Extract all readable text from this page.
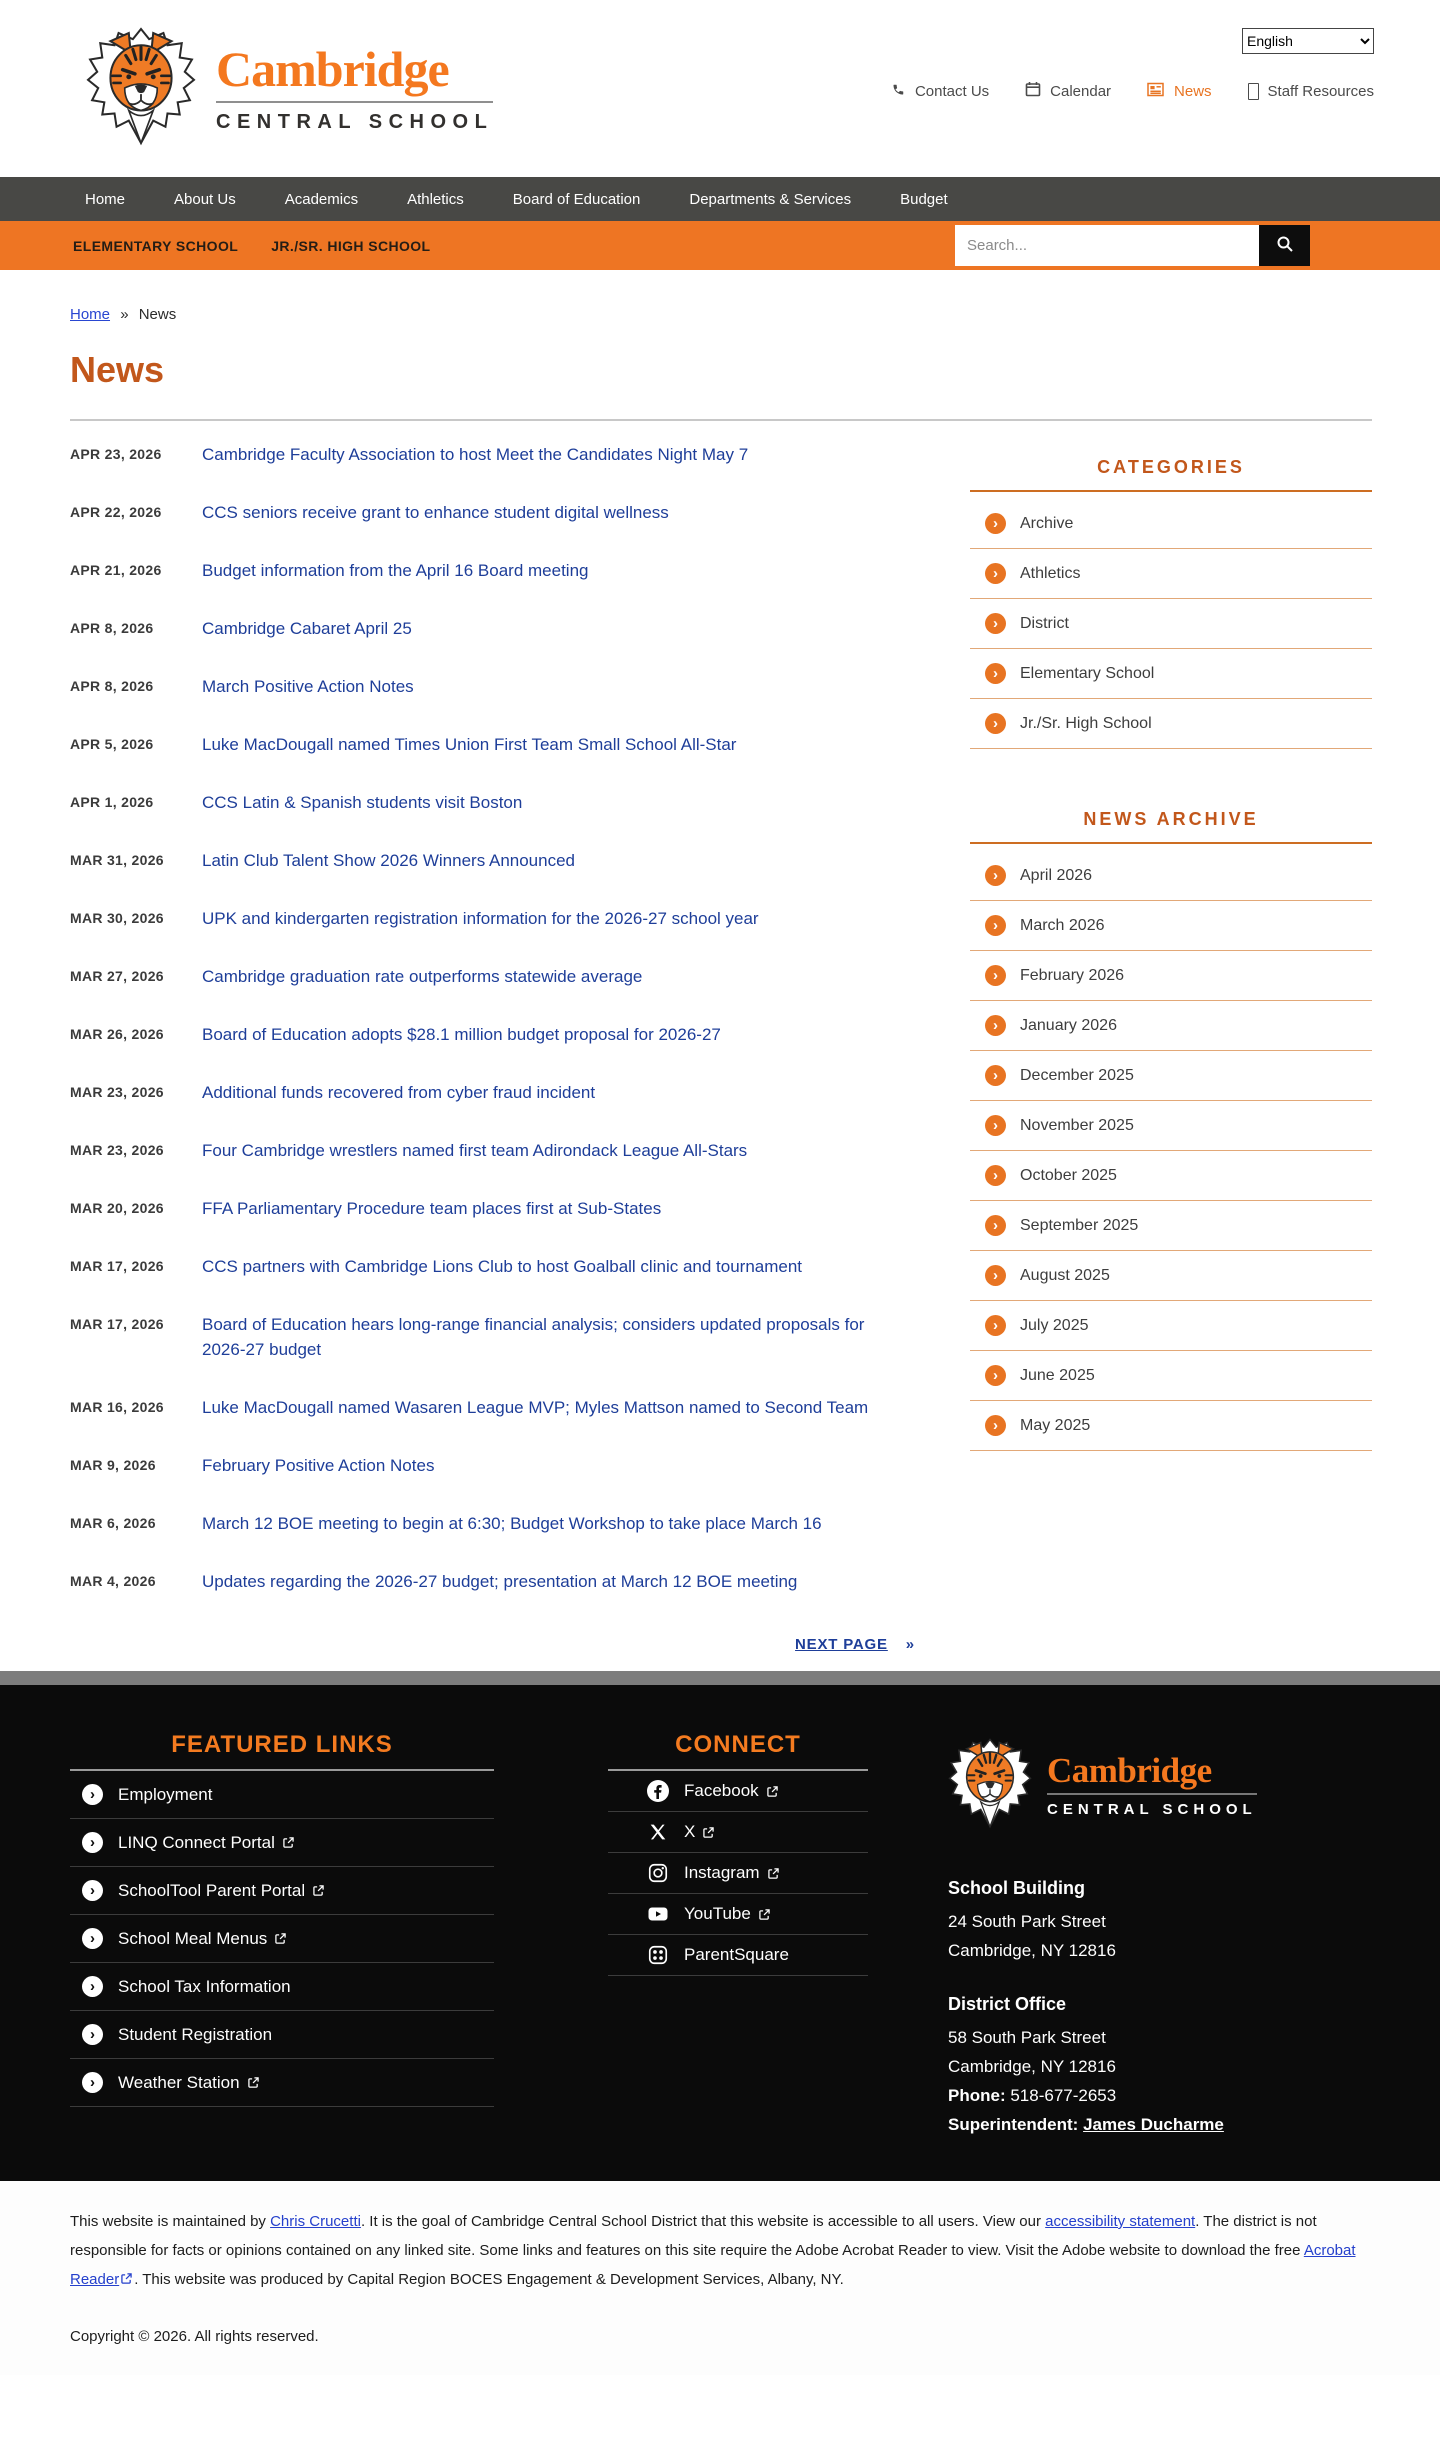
Cambridge
CENTRAL SCHOOL
English
Contact Us	Calendar	News	Staff Resources
Home	About Us	Academics	Athletics	Board of Education	Departments & Services	Budget
ELEMENTARY SCHOOL JR./SR. HIGH SCHOOL
Search...
Home » News
News
APR 23, 2026	Cambridge Faculty Association to host Meet the Candidates Night May 7
APR 22, 2026	CCS seniors receive grant to enhance student digital wellness
APR 21, 2026	Budget information from the April 16 Board meeting
APR 8, 2026	Cambridge Cabaret April 25
APR 8, 2026	March Positive Action Notes
APR 5, 2026	Luke MacDougall named Times Union First Team Small School All-Star
APR 1, 2026	CCS Latin & Spanish students visit Boston
MAR 31, 2026	Latin Club Talent Show 2026 Winners Announced
MAR 30, 2026	UPK and kindergarten registration information for the 2026-27 school year
MAR 27, 2026	Cambridge graduation rate outperforms statewide average
MAR 26, 2026	Board of Education adopts $28.1 million budget proposal for 2026-27
MAR 23, 2026	Additional funds recovered from cyber fraud incident
MAR 23, 2026	Four Cambridge wrestlers named first team Adirondack League All-Stars
MAR 20, 2026	FFA Parliamentary Procedure team places first at Sub-States
MAR 17, 2026	CCS partners with Cambridge Lions Club to host Goalball clinic and tournament
MAR 17, 2026	Board of Education hears long-range financial analysis; considers updated proposals for 2026-27 budget
MAR 16, 2026	Luke MacDougall named Wasaren League MVP; Myles Mattson named to Second Team
MAR 9, 2026	February Positive Action Notes
MAR 6, 2026	March 12 BOE meeting to begin at 6:30; Budget Workshop to take place March 16
MAR 4, 2026	Updates regarding the 2026-27 budget; presentation at March 12 BOE meeting
NEXT PAGE »
CATEGORIES
›	Archive
›	Athletics
›	District
›	Elementary School
›	Jr./Sr. High School
NEWS ARCHIVE
›	April 2026
›	March 2026
›	February 2026
›	January 2026
›	December 2025
›	November 2025
›	October 2025
›	September 2025
›	August 2025
›	July 2025
›	June 2025
›	May 2025
FEATURED LINKS
›	Employment
›	LINQ Connect Portal
›	SchoolTool Parent Portal
›	School Meal Menus
›	School Tax Information
›	Student Registration
›	Weather Station
CONNECT
Facebook
X
Instagram
YouTube
ParentSquare
Cambridge
CENTRAL SCHOOL
School Building

24 South Park Street

Cambridge, NY 12816

District Office

58 South Park Street

Cambridge, NY 12816

Phone: 518-677-2653

Superintendent: James Ducharme

This website is maintained by Chris Crucetti. It is the goal of Cambridge Central School District that this website is accessible to all users. View our accessibility statement. The district is not responsible for facts or opinions contained on any linked site. Some links and features on this site require the Adobe Acrobat Reader to view. Visit the Adobe website to download the free Acrobat Reader . This website was produced by Capital Region BOCES Engagement & Development Services, Albany, NY.
Copyright © 2026. All rights reserved.
